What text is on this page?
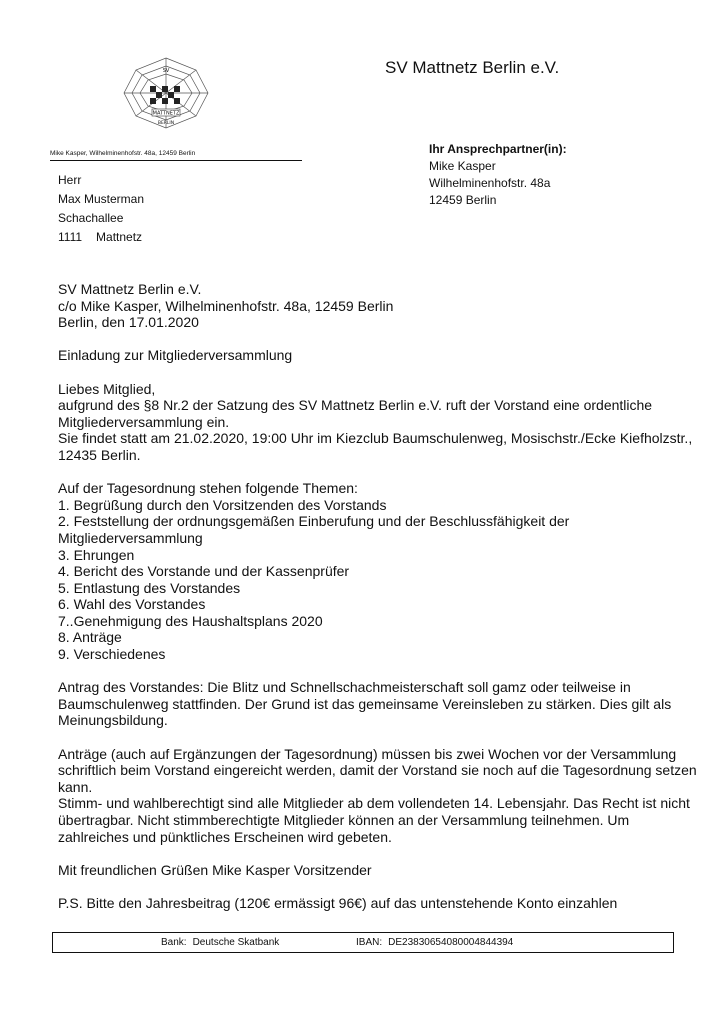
MATTNETZ
SV
BERLIN
SV Mattnetz Berlin e.V.
Mike Kasper, Wilhelminenhofstr. 48a, 12459 Berlin
Herr
Max Musterman
Schachallee
1111 Mattnetz
Ihr Ansprechpartner(in):
Mike Kasper
Wilhelminenhofstr. 48a
12459 Berlin

SV Mattnetz Berlin e.V.
c/o Mike Kasper, Wilhelminenhofstr. 48a, 12459 Berlin
Berlin, den 17.01.2020

Einladung zur Mitgliederversammlung

Liebes Mitglied,
aufgrund des §8 Nr.2 der Satzung des SV Mattnetz Berlin e.V. ruft der Vorstand eine ordentliche Mitgliederversammlung ein.
Sie findet statt am 21.02.2020, 19:00 Uhr im Kiezclub Baumschulenweg, Mosischstr./Ecke Kiefholzstr., 12435 Berlin.

Auf der Tagesordnung stehen folgende Themen:
1. Begrüßung durch den Vorsitzenden des Vorstands
2. Feststellung der ordnungsgemäßen Einberufung und der Beschlussfähigkeit der Mitgliederversammlung
3. Ehrungen
4. Bericht des Vorstande und der Kassenprüfer
5. Entlastung des Vorstandes
6. Wahl des Vorstandes
7..Genehmigung des Haushaltsplans 2020
8. Anträge
9. Verschiedenes

Antrag des Vorstandes: Die Blitz und Schnellschachmeisterschaft soll gamz oder teilweise in Baumschulenweg stattfinden. Der Grund ist das gemeinsame Vereinsleben zu stärken. Dies gilt als Meinungsbildung.

Anträge (auch auf Ergänzungen der Tagesordnung) müssen bis zwei Wochen vor der Versammlung schriftlich beim Vorstand eingereicht werden, damit der Vorstand sie noch auf die Tagesordnung setzen kann.
Stimm- und wahlberechtigt sind alle Mitglieder ab dem vollendeten 14. Lebensjahr. Das Recht ist nicht übertragbar. Nicht stimmberechtigte Mitglieder können an der Versammlung teilnehmen. Um zahlreiches und pünktliches Erscheinen wird gebeten.

Mit freundlichen Grüßen Mike Kasper Vorsitzender

P.S. Bitte den Jahresbeitrag (120€ ermässigt 96€) auf das untenstehende Konto einzahlen

Bank: Deutsche Skatbank	IBAN: DE23830654080004844394
